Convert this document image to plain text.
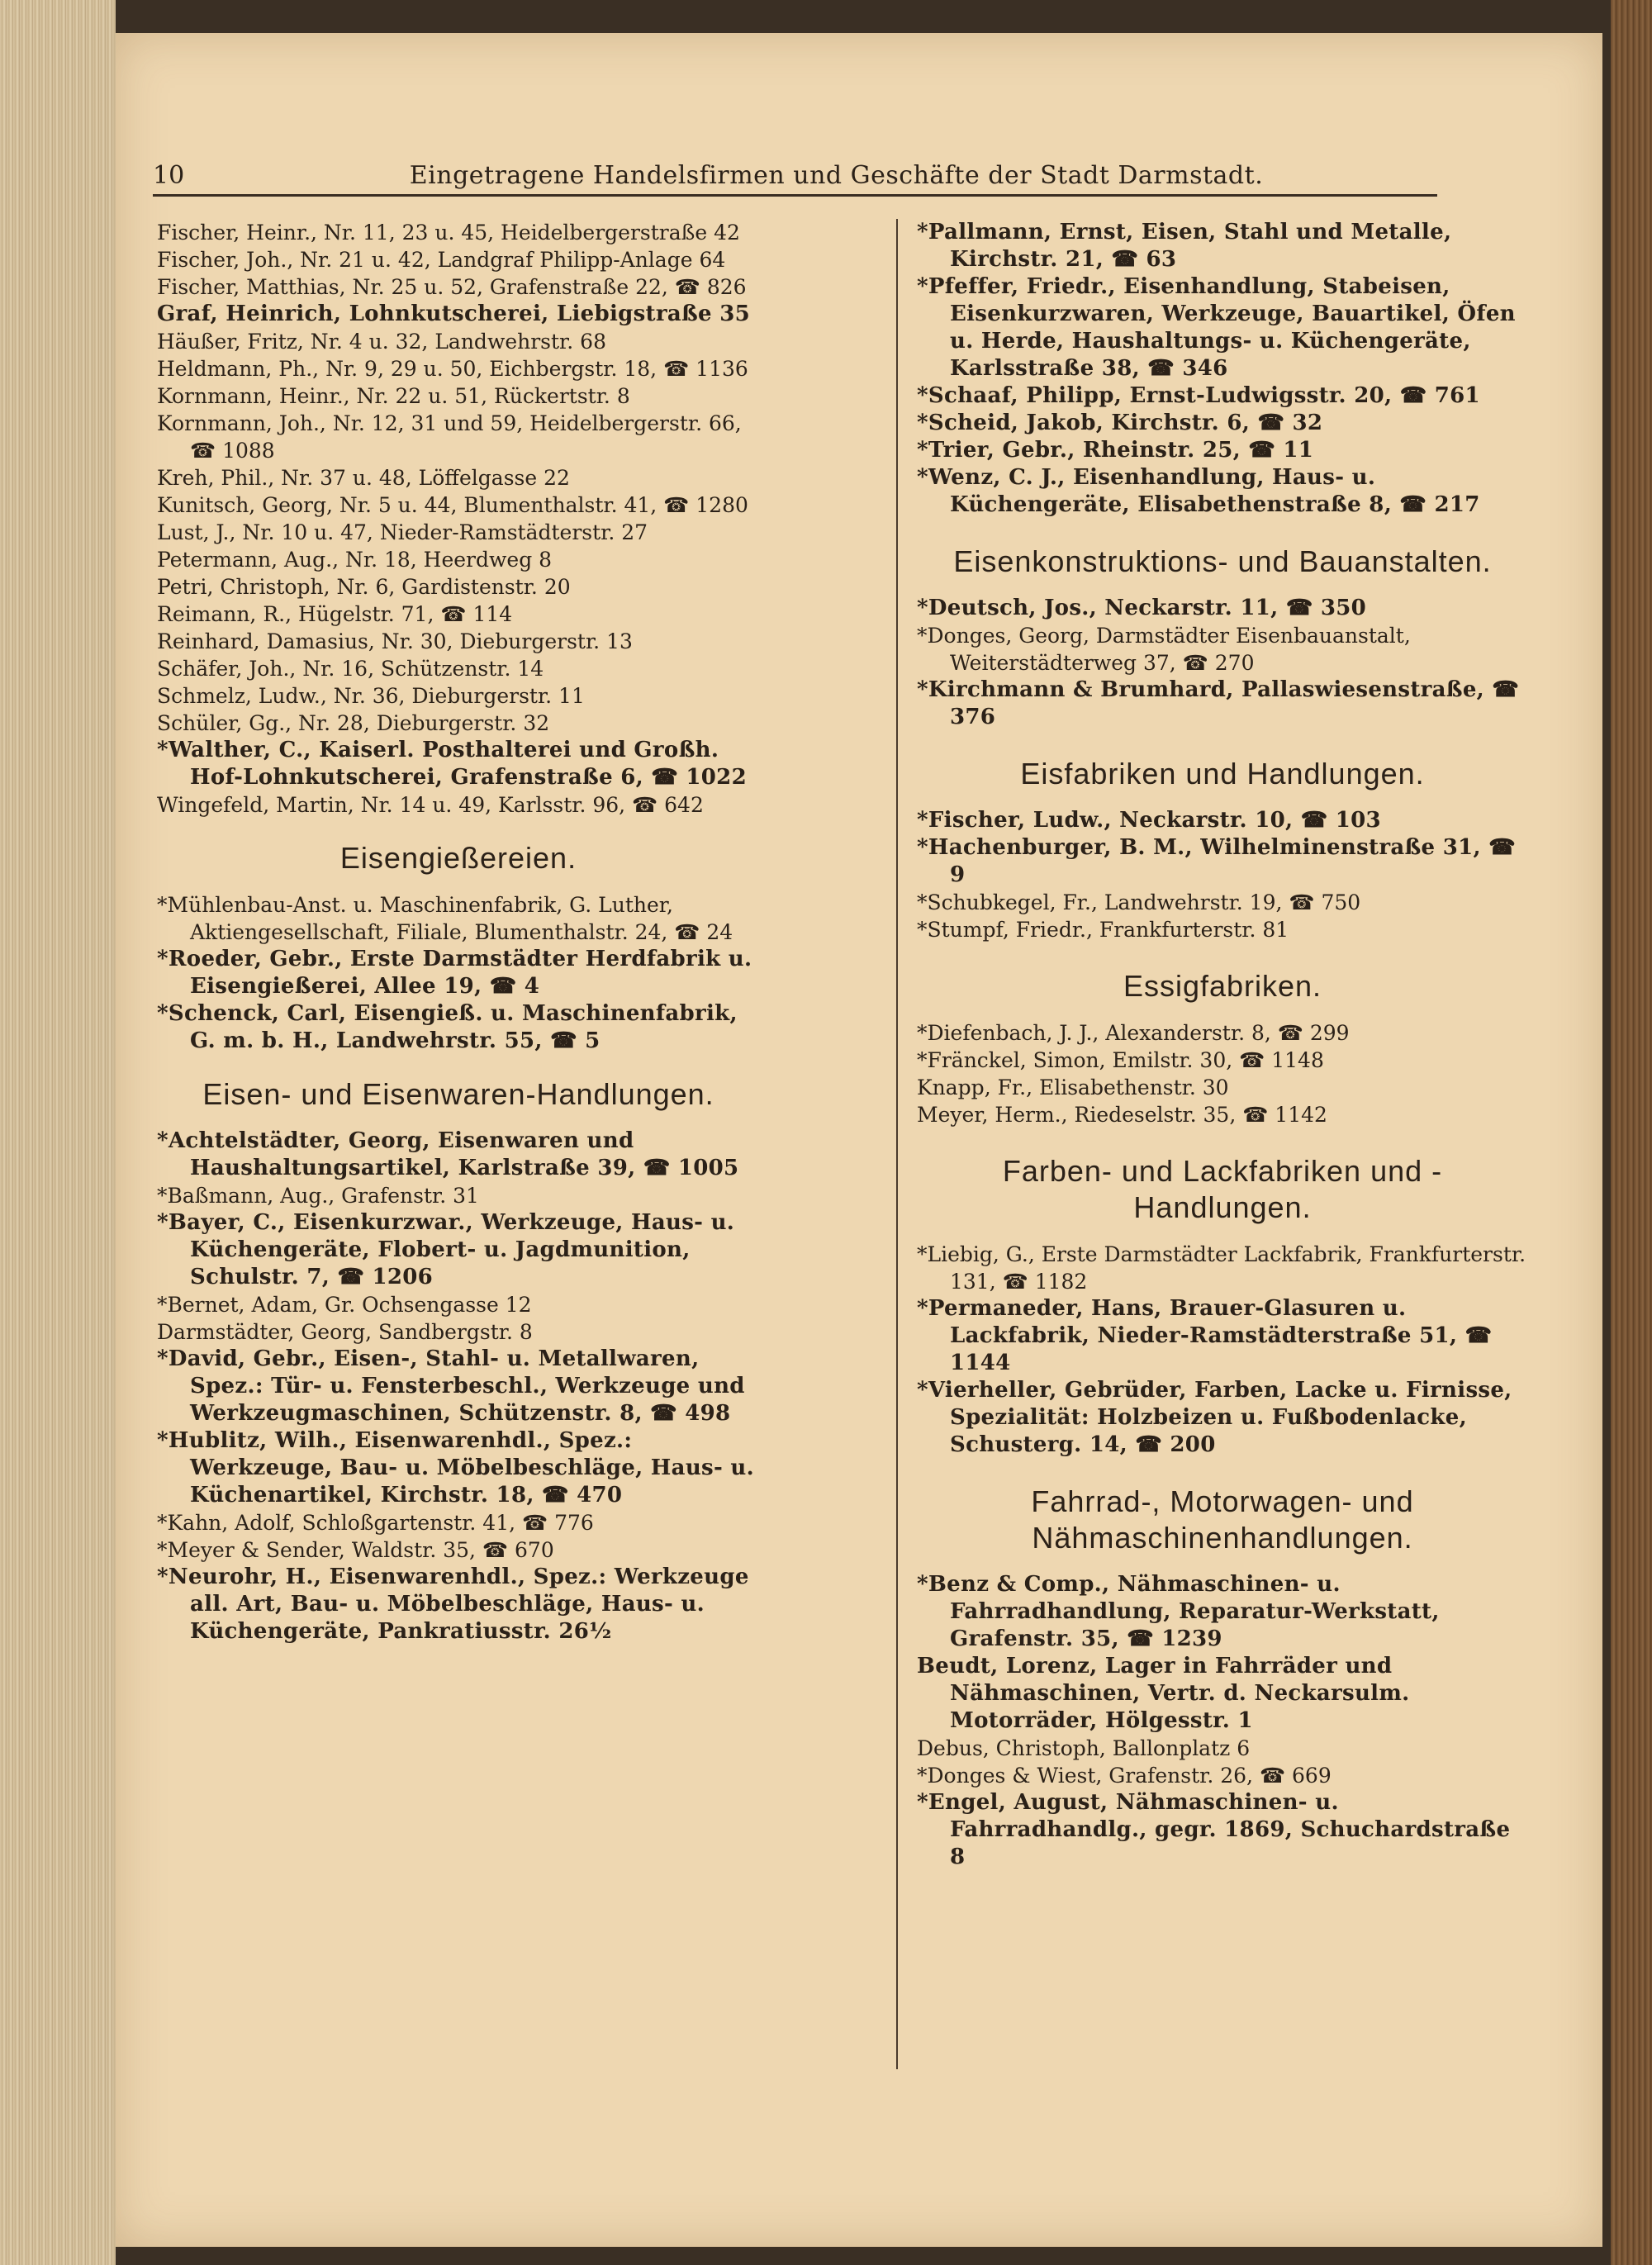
10	Eingetragene Handelsfirmen und Geschäfte der Stadt Darmstadt.

Fischer, Heinr., Nr. 11, 23 u. 45, Heidelbergerstraße 42

Fischer, Joh., Nr. 21 u. 42, Landgraf Philipp-Anlage 64

Fischer, Matthias, Nr. 25 u. 52, Grafenstraße 22, ☎ 826

Graf, Heinrich, Lohnkutscherei, Liebigstraße 35

Häußer, Fritz, Nr. 4 u. 32, Landwehrstr. 68

Heldmann, Ph., Nr. 9, 29 u. 50, Eichbergstr. 18, ☎ 1136

Kornmann, Heinr., Nr. 22 u. 51, Rückertstr. 8

Kornmann, Joh., Nr. 12, 31 und 59, Heidelbergerstr. 66, ☎ 1088

Kreh, Phil., Nr. 37 u. 48, Löffelgasse 22

Kunitsch, Georg, Nr. 5 u. 44, Blumenthalstr. 41, ☎ 1280

Lust, J., Nr. 10 u. 47, Nieder-Ramstädterstr. 27

Petermann, Aug., Nr. 18, Heerdweg 8

Petri, Christoph, Nr. 6, Gardistenstr. 20

Reimann, R., Hügelstr. 71, ☎ 114

Reinhard, Damasius, Nr. 30, Dieburgerstr. 13

Schäfer, Joh., Nr. 16, Schützenstr. 14

Schmelz, Ludw., Nr. 36, Dieburgerstr. 11

Schüler, Gg., Nr. 28, Dieburgerstr. 32

*Walther, C., Kaiserl. Posthalterei und Großh. Hof-Lohnkutscherei, Grafenstraße 6, ☎ 1022

Wingefeld, Martin, Nr. 14 u. 49, Karlsstr. 96, ☎ 642

Eisengießereien.

*Mühlenbau-Anst. u. Maschinenfabrik, G. Luther, Aktiengesellschaft, Filiale, Blumenthalstr. 24, ☎ 24

*Roeder, Gebr., Erste Darmstädter Herdfabrik u. Eisengießerei, Allee 19, ☎ 4

*Schenck, Carl, Eisengieß. u. Maschinenfabrik, G. m. b. H., Landwehrstr. 55, ☎ 5

Eisen- und Eisenwaren-Handlungen.

*Achtelstädter, Georg, Eisenwaren und Haushaltungsartikel, Karlstraße 39, ☎ 1005

*Baßmann, Aug., Grafenstr. 31

*Bayer, C., Eisenkurzwar., Werkzeuge, Haus- u. Küchengeräte, Flobert- u. Jagdmunition, Schulstr. 7, ☎ 1206

*Bernet, Adam, Gr. Ochsengasse 12

Darmstädter, Georg, Sandbergstr. 8

*David, Gebr., Eisen-, Stahl- u. Metallwaren, Spez.: Tür- u. Fensterbeschl., Werkzeuge und Werkzeugmaschinen, Schützenstr. 8, ☎ 498

*Hublitz, Wilh., Eisenwarenhdl., Spez.: Werkzeuge, Bau- u. Möbelbeschläge, Haus- u. Küchenartikel, Kirchstr. 18, ☎ 470

*Kahn, Adolf, Schloßgartenstr. 41, ☎ 776

*Meyer & Sender, Waldstr. 35, ☎ 670

*Neurohr, H., Eisenwarenhdl., Spez.: Werkzeuge all. Art, Bau- u. Möbelbeschläge, Haus- u. Küchengeräte, Pankratiusstr. 26½

*Pallmann, Ernst, Eisen, Stahl und Metalle, Kirchstr. 21, ☎ 63

*Pfeffer, Friedr., Eisenhandlung, Stabeisen, Eisenkurzwaren, Werkzeuge, Bauartikel, Öfen u. Herde, Haushaltungs- u. Küchengeräte, Karlsstraße 38, ☎ 346

*Schaaf, Philipp, Ernst-Ludwigsstr. 20, ☎ 761

*Scheid, Jakob, Kirchstr. 6, ☎ 32

*Trier, Gebr., Rheinstr. 25, ☎ 11

*Wenz, C. J., Eisenhandlung, Haus- u. Küchengeräte, Elisabethenstraße 8, ☎ 217

Eisenkonstruktions- und Bauanstalten.

*Deutsch, Jos., Neckarstr. 11, ☎ 350

*Donges, Georg, Darmstädter Eisenbauanstalt, Weiterstädterweg 37, ☎ 270

*Kirchmann & Brumhard, Pallaswiesenstraße, ☎ 376

Eisfabriken und Handlungen.

*Fischer, Ludw., Neckarstr. 10, ☎ 103

*Hachenburger, B. M., Wilhelminenstraße 31, ☎ 9

*Schubkegel, Fr., Landwehrstr. 19, ☎ 750

*Stumpf, Friedr., Frankfurterstr. 81

Essigfabriken.

*Diefenbach, J. J., Alexanderstr. 8, ☎ 299

*Fränckel, Simon, Emilstr. 30, ☎ 1148

Knapp, Fr., Elisabethenstr. 30

Meyer, Herm., Riedeselstr. 35, ☎ 1142

Farben- und Lackfabriken und -Handlungen.

*Liebig, G., Erste Darmstädter Lackfabrik, Frankfurterstr. 131, ☎ 1182

*Permaneder, Hans, Brauer-Glasuren u. Lackfabrik, Nieder-Ramstädterstraße 51, ☎ 1144

*Vierheller, Gebrüder, Farben, Lacke u. Firnisse, Spezialität: Holzbeizen u. Fußbodenlacke, Schusterg. 14, ☎ 200

Fahrrad-, Motorwagen- und Nähmaschinenhandlungen.

*Benz & Comp., Nähmaschinen- u. Fahrradhandlung, Reparatur-Werkstatt, Grafenstr. 35, ☎ 1239

Beudt, Lorenz, Lager in Fahrräder und Nähmaschinen, Vertr. d. Neckarsulm. Motorräder, Hölgesstr. 1

Debus, Christoph, Ballonplatz 6

*Donges & Wiest, Grafenstr. 26, ☎ 669

*Engel, August, Nähmaschinen- u. Fahrradhandlg., gegr. 1869, Schuchardstraße 8
